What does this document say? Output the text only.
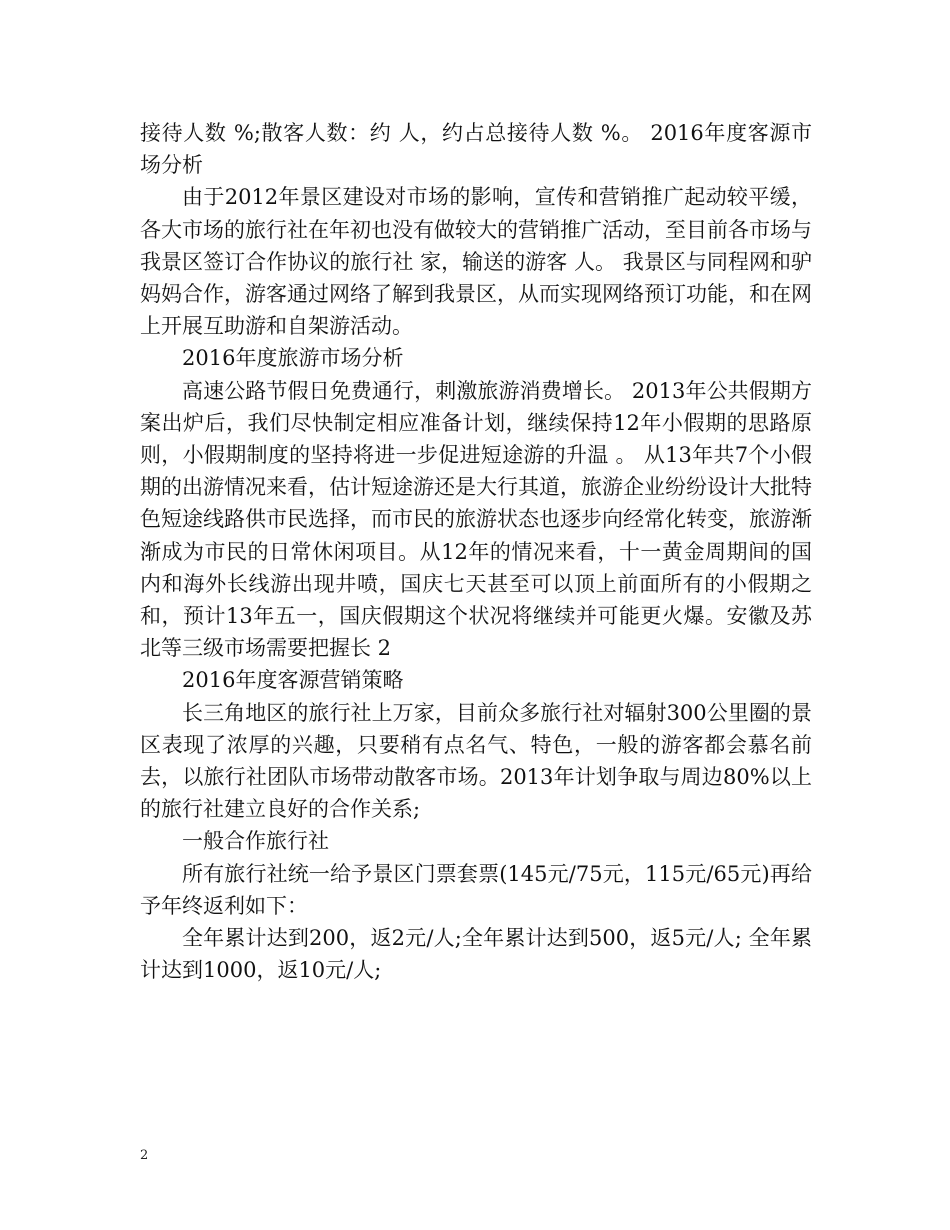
接待人数 %;散客人数：约 人，约占总接待人数 %。 2016年度客源市场分析

由于2012年景区建设对市场的影响，宣传和营销推广起动较平缓，各大市场的旅行社在年初也没有做较大的营销推广活动，至目前各市场与我景区签订合作协议的旅行社 家，输送的游客 人。 我景区与同程网和驴妈妈合作，游客通过网络了解到我景区，从而实现网络预订功能，和在网上开展互助游和自架游活动。

2016年度旅游市场分析

高速公路节假日免费通行，刺激旅游消费增长。 2013年公共假期方案出炉后，我们尽快制定相应准备计划，继续保持12年小假期的思路原则，小假期制度的坚持将进一步促进短途游的升温 。 从13年共7个小假期的出游情况来看，估计短途游还是大行其道，旅游企业纷纷设计大批特色短途线路供市民选择，而市民的旅游状态也逐步向经常化转变，旅游渐渐成为市民的日常休闲项目。从12年的情况来看，十一黄金周期间的国内和海外长线游出现井喷，国庆七天甚至可以顶上前面所有的小假期之和，预计13年五一，国庆假期这个状况将继续并可能更火爆。安徽及苏北等三级市场需要把握长 2

2016年度客源营销策略

长三角地区的旅行社上万家，目前众多旅行社对辐射300公里圈的景区表现了浓厚的兴趣，只要稍有点名气、特色，一般的游客都会慕名前去，以旅行社团队市场带动散客市场。2013年计划争取与周边80%以上的旅行社建立良好的合作关系;

一般合作旅行社

所有旅行社统一给予景区门票套票(145元/75元，115元/65元)再给予年终返利如下：

全年累计达到200，返2元/人;全年累计达到500，返5元/人; 全年累计达到1000，返10元/人;

2
